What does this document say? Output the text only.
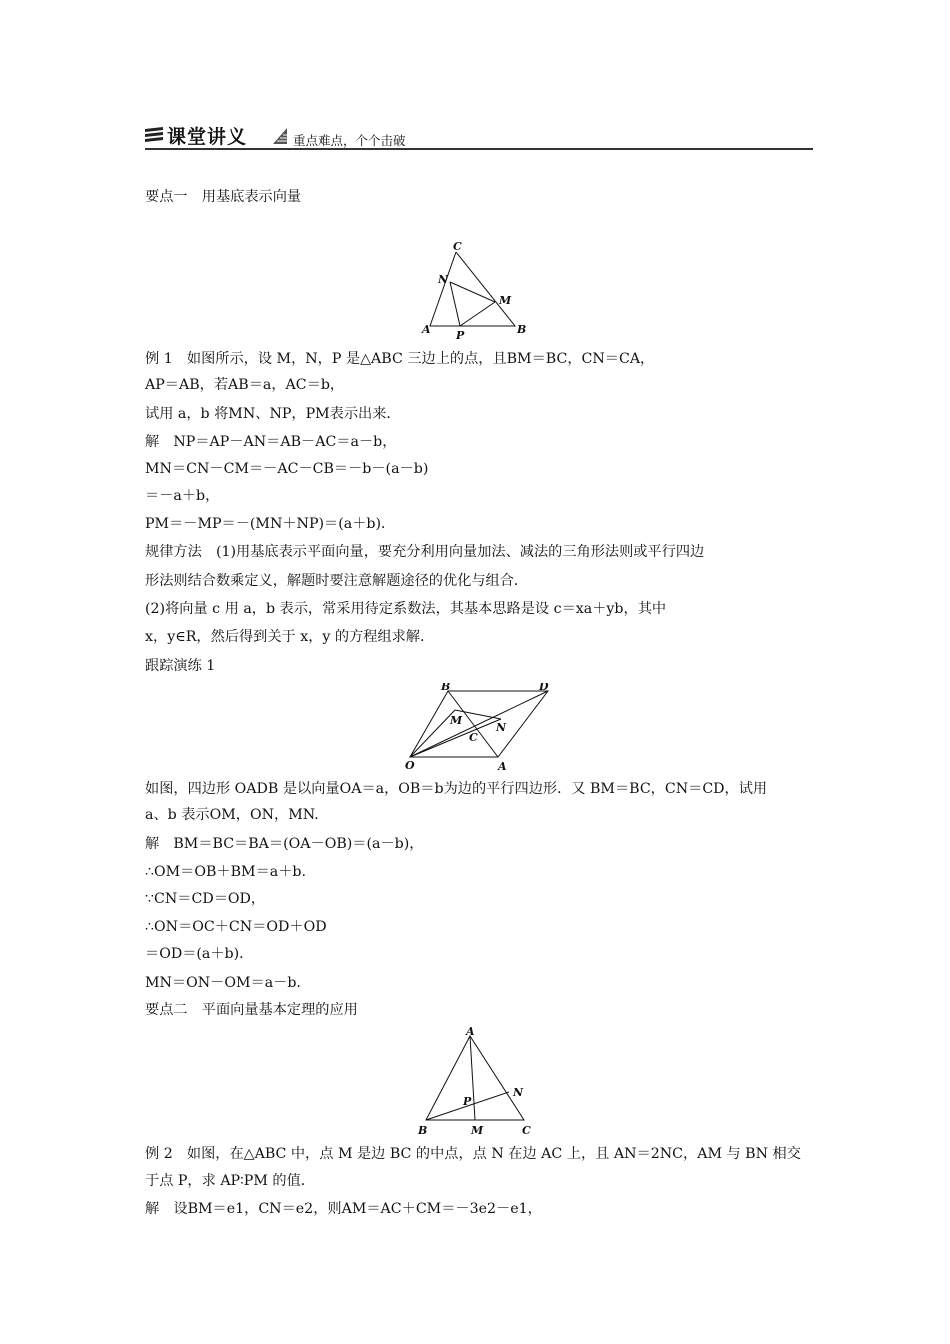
课堂讲义	重点难点，个个击破
要点一　用基底表示向量
C
N
M
A P	B
例 1　如图所示，设 M，N，P 是△ABC 三边上的点，且BM＝BC，CN＝CA，
AP＝AB，若AB＝a，AC＝b，
试用 a，b 将MN、NP，PM表示出来．
解　NP＝AP－AN＝AB－AC＝a－b，
MN＝CN－CM＝－AC－CB＝－b－(a－b)
＝－a＋b，
PM＝－MP＝－(MN＋NP)＝(a＋b)．
规律方法　(1)用基底表示平面向量，要充分利用向量加法、减法的三角形法则或平行四边
形法则结合数乘定义，解题时要注意解题途径的优化与组合．
(2)将向量 c 用 a，b 表示，常采用待定系数法，其基本思路是设 c＝xa＋yb，其中
x，y∈R，然后得到关于 x，y 的方程组求解．
跟踪演练 1
B	D
M
N
C
O	A
如图，四边形 OADB 是以向量OA＝a，OB＝b为边的平行四边形．又 BM＝BC，CN＝CD，试用
a、b 表示OM，ON，MN.
解　BM＝BC＝BA＝(OA－OB)＝(a－b)，
∴OM＝OB＋BM＝a＋b.
∵CN＝CD＝OD，
∴ON＝OC＋CN＝OD＋OD
＝OD＝(a＋b)．
MN＝ON－OM＝a－b.
要点二　平面向量基本定理的应用
A
N
P
B	M	C
例 2　如图，在△ABC 中，点 M 是边 BC 的中点，点 N 在边 AC 上，且 AN＝2NC，AM 与 BN 相交
于点 P，求 AP∶PM 的值．
解　设BM＝e1，CN＝e2，则AM＝AC＋CM＝－3e2－e1，
